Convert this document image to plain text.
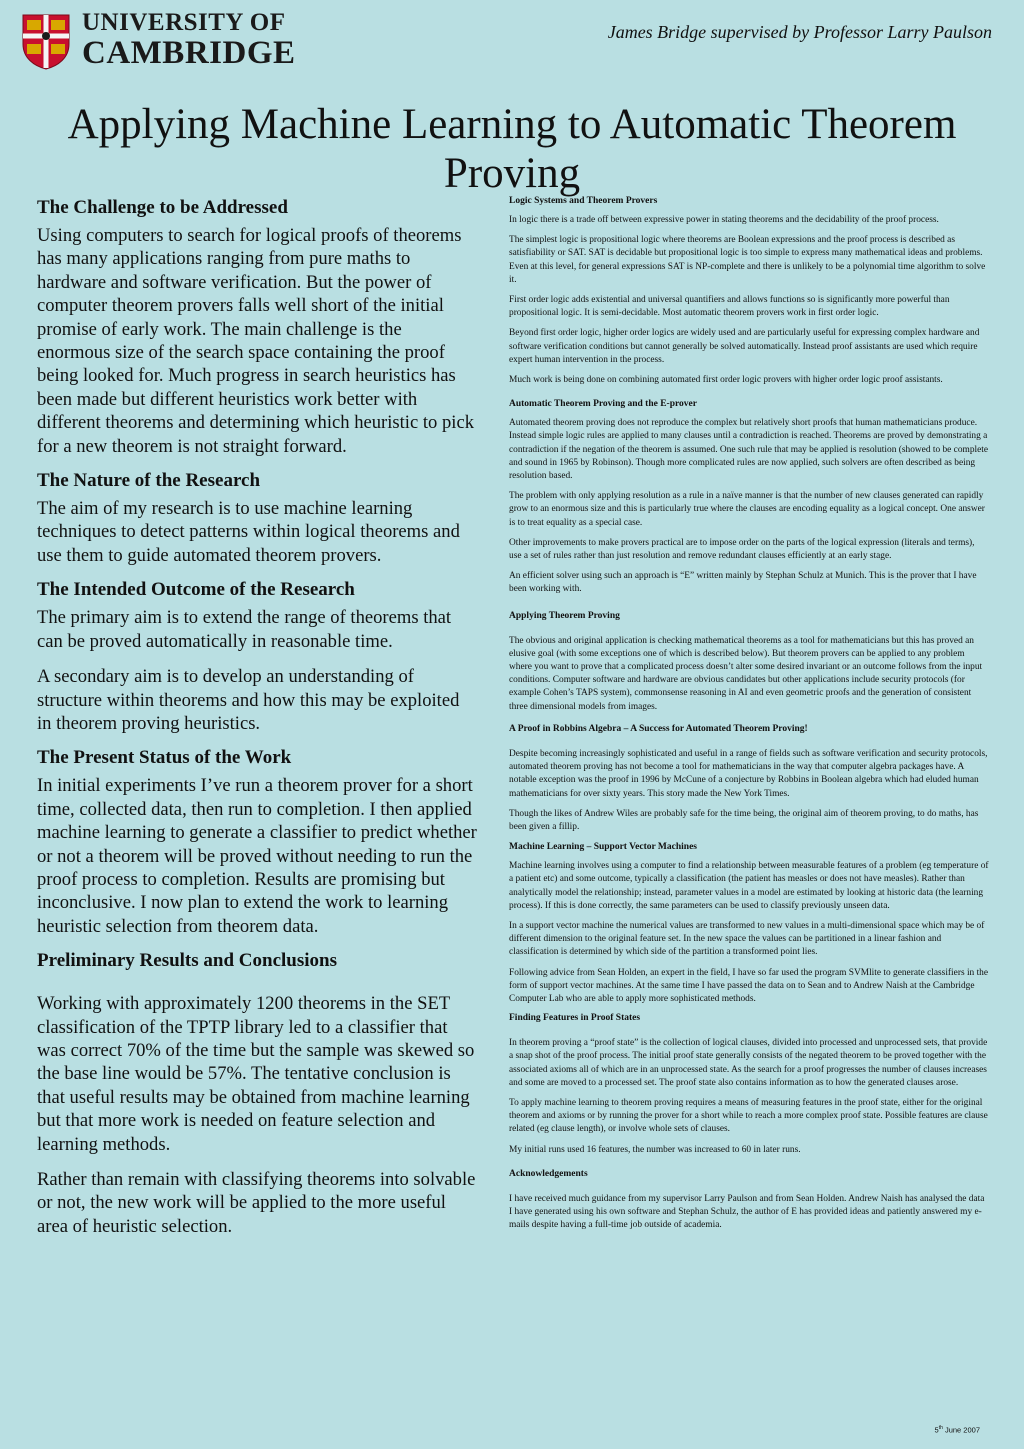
UNIVERSITY OF
CAMBRIDGE
James Bridge supervised by Professor Larry Paulson
Applying Machine Learning to Automatic Theorem Proving
The Challenge to be Addressed

Using computers to search for logical proofs of theorems has many applications ranging from pure maths to hardware and software verification. But the power of computer theorem provers falls well short of the initial promise of early work. The main challenge is the enormous size of the search space containing the proof being looked for. Much progress in search heuristics has been made but different heuristics work better with different theorems and determining which heuristic to pick for a new theorem is not straight forward.

The Nature of the Research

The aim of my research is to use machine learning techniques to detect patterns within logical theorems and use them to guide automated theorem provers.

The Intended Outcome of the Research

The primary aim is to extend the range of theorems that can be proved automatically in reasonable time.

A secondary aim is to develop an understanding of structure within theorems and how this may be exploited in theorem proving heuristics.

The Present Status of the Work

In initial experiments I’ve run a theorem prover for a short time, collected data, then run to completion. I then applied machine learning to generate a classifier to predict whether or not a theorem will be proved without needing to run the proof process to completion. Results are promising but inconclusive. I now plan to extend the work to learning heuristic selection from theorem data.

Preliminary Results and Conclusions

Working with approximately 1200 theorems in the SET classification of the TPTP library led to a classifier that was correct 70% of the time but the sample was skewed so the base line would be 57%. The tentative conclusion is that useful results may be obtained from machine learning but that more work is needed on feature selection and learning methods.

Rather than remain with classifying theorems into solvable or not, the new work will be applied to the more useful area of heuristic selection.

Logic Systems and Theorem Provers

In logic there is a trade off between expressive power in stating theorems and the decidability of the proof process.

The simplest logic is propositional logic where theorems are Boolean expressions and the proof process is described as satisfiability or SAT. SAT is decidable but propositional logic is too simple to express many mathematical ideas and problems. Even at this level, for general expressions SAT is NP-complete and there is unlikely to be a polynomial time algorithm to solve it.

First order logic adds existential and universal quantifiers and allows functions so is significantly more powerful than propositional logic. It is semi-decidable. Most automatic theorem provers work in first order logic.

Beyond first order logic, higher order logics are widely used and are particularly useful for expressing complex hardware and software verification conditions but cannot generally be solved automatically. Instead proof assistants are used which require expert human intervention in the process.

Much work is being done on combining automated first order logic provers with higher order logic proof assistants.

Automatic Theorem Proving and the E-prover

Automated theorem proving does not reproduce the complex but relatively short proofs that human mathematicians produce. Instead simple logic rules are applied to many clauses until a contradiction is reached. Theorems are proved by demonstrating a contradiction if the negation of the theorem is assumed. One such rule that may be applied is resolution (showed to be complete and sound in 1965 by Robinson). Though more complicated rules are now applied, such solvers are often described as being resolution based.

The problem with only applying resolution as a rule in a naïve manner is that the number of new clauses generated can rapidly grow to an enormous size and this is particularly true where the clauses are encoding equality as a logical concept. One answer is to treat equality as a special case.

Other improvements to make provers practical are to impose order on the parts of the logical expression (literals and terms), use a set of rules rather than just resolution and remove redundant clauses efficiently at an early stage.

An efficient solver using such an approach is “E” written mainly by Stephan Schulz at Munich. This is the prover that I have been working with.

Applying Theorem Proving

The obvious and original application is checking mathematical theorems as a tool for mathematicians but this has proved an elusive goal (with some exceptions one of which is described below). But theorem provers can be applied to any problem where you want to prove that a complicated process doesn’t alter some desired invariant or an outcome follows from the input conditions. Computer software and hardware are obvious candidates but other applications include security protocols (for example Cohen’s TAPS system), commonsense reasoning in AI and even geometric proofs and the generation of consistent three dimensional models from images.

A Proof in Robbins Algebra – A Success for Automated Theorem Proving!

Despite becoming increasingly sophisticated and useful in a range of fields such as software verification and security protocols, automated theorem proving has not become a tool for mathematicians in the way that computer algebra packages have. A notable exception was the proof in 1996 by McCune of a conjecture by Robbins in Boolean algebra which had eluded human mathematicians for over sixty years. This story made the New York Times.

Though the likes of Andrew Wiles are probably safe for the time being, the original aim of theorem proving, to do maths, has been given a fillip.

Machine Learning – Support Vector Machines

Machine learning involves using a computer to find a relationship between measurable features of a problem (eg temperature of a patient etc) and some outcome, typically a classification (the patient has measles or does not have measles). Rather than analytically model the relationship; instead, parameter values in a model are estimated by looking at historic data (the learning process). If this is done correctly, the same parameters can be used to classify previously unseen data.

In a support vector machine the numerical values are transformed to new values in a multi-dimensional space which may be of different dimension to the original feature set. In the new space the values can be partitioned in a linear fashion and classification is determined by which side of the partition a transformed point lies.

Following advice from Sean Holden, an expert in the field, I have so far used the program SVMlite to generate classifiers in the form of support vector machines. At the same time I have passed the data on to Sean and to Andrew Naish at the Cambridge Computer Lab who are able to apply more sophisticated methods.

Finding Features in Proof States

In theorem proving a “proof state” is the collection of logical clauses, divided into processed and unprocessed sets, that provide a snap shot of the proof process. The initial proof state generally consists of the negated theorem to be proved together with the associated axioms all of which are in an unprocessed state. As the search for a proof progresses the number of clauses increases and some are moved to a processed set. The proof state also contains information as to how the generated clauses arose.

To apply machine learning to theorem proving requires a means of measuring features in the proof state, either for the original theorem and axioms or by running the prover for a short while to reach a more complex proof state. Possible features are clause related (eg clause length), or involve whole sets of clauses.

My initial runs used 16 features, the number was increased to 60 in later runs.

Acknowledgements

I have received much guidance from my supervisor Larry Paulson and from Sean Holden. Andrew Naish has analysed the data I have generated using his own software and Stephan Schulz, the author of E has provided ideas and patiently answered my e-mails despite having a full-time job outside of academia.

5th June 2007
